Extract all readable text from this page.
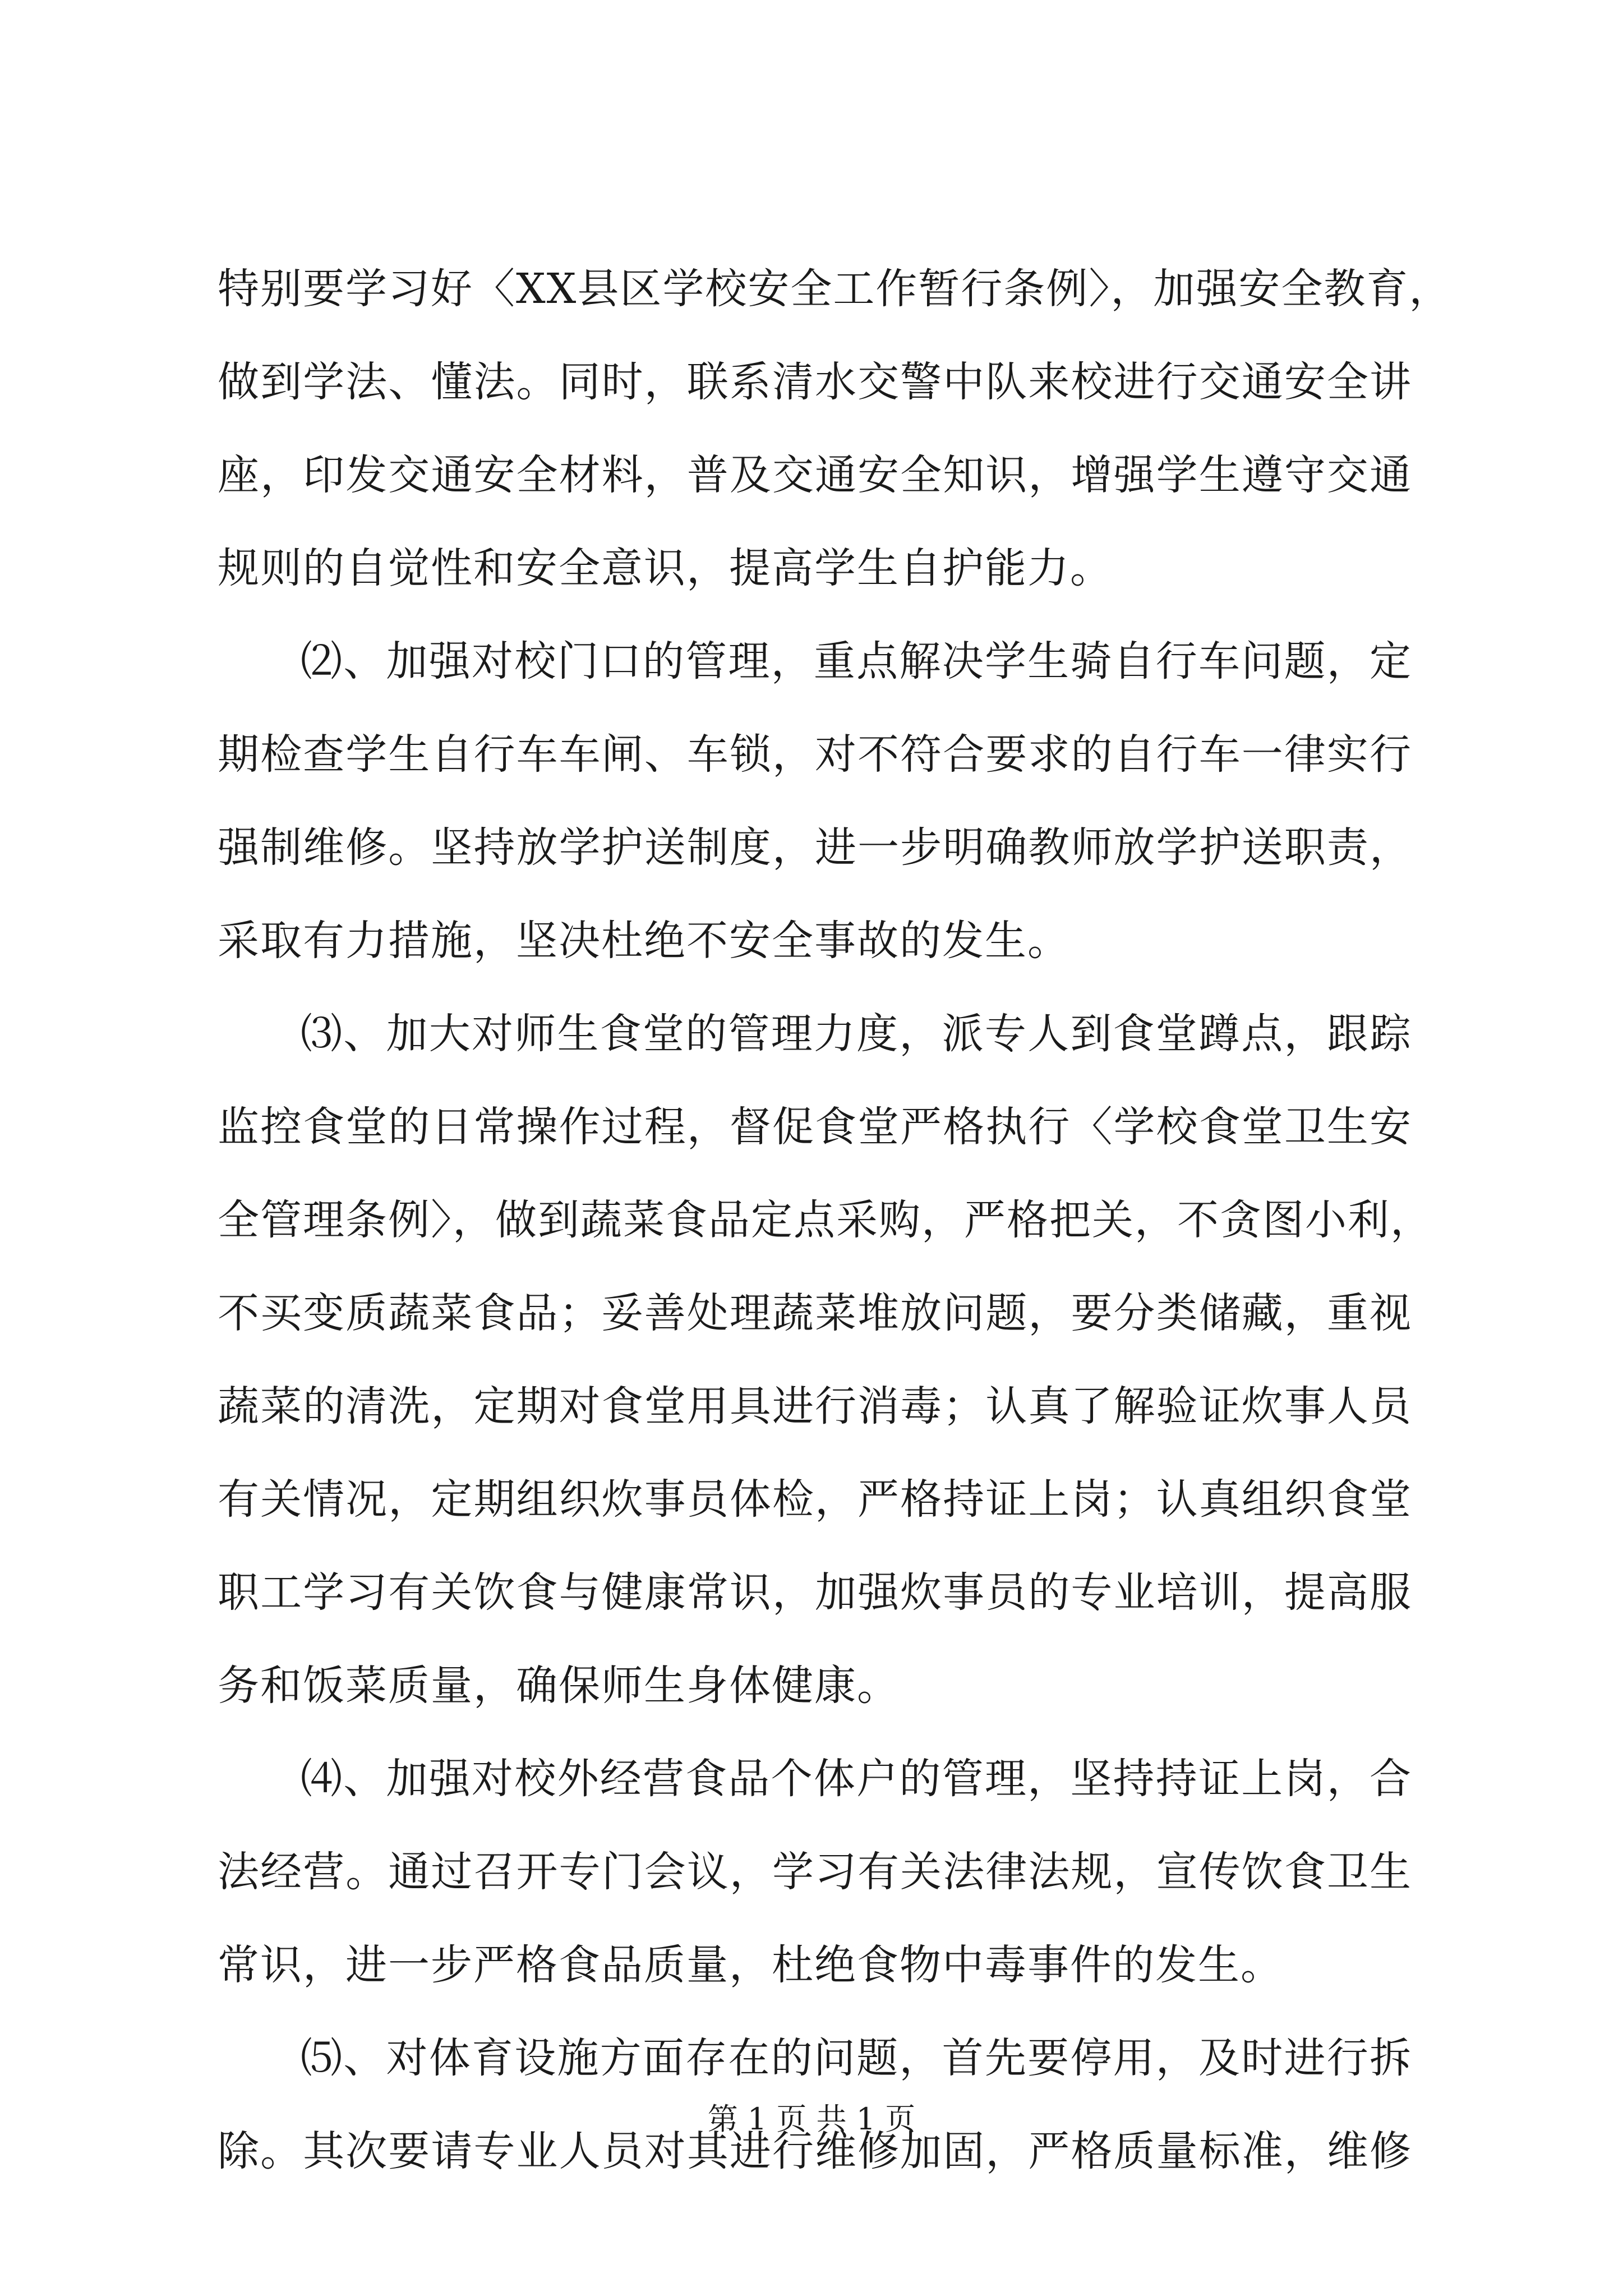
特别要学习好〈XX县区学校安全工作暂行条例〉，加强安全教育，
做到学法、懂法。同时，联系清水交警中队来校进行交通安全讲
座，印发交通安全材料，普及交通安全知识，增强学生遵守交通
规则的自觉性和安全意识，提高学生自护能力。
⑵、加强对校门口的管理，重点解决学生骑自行车问题，定
期检查学生自行车车闸、车锁，对不符合要求的自行车一律实行
强制维修。坚持放学护送制度，进一步明确教师放学护送职责，
采取有力措施，坚决杜绝不安全事故的发生。
⑶、加大对师生食堂的管理力度，派专人到食堂蹲点，跟踪
监控食堂的日常操作过程，督促食堂严格执行〈学校食堂卫生安
全管理条例〉，做到蔬菜食品定点采购，严格把关，不贪图小利，
不买变质蔬菜食品；妥善处理蔬菜堆放问题，要分类储藏，重视
蔬菜的清洗，定期对食堂用具进行消毒；认真了解验证炊事人员
有关情况，定期组织炊事员体检，严格持证上岗；认真组织食堂
职工学习有关饮食与健康常识，加强炊事员的专业培训，提高服
务和饭菜质量，确保师生身体健康。
⑷、加强对校外经营食品个体户的管理，坚持持证上岗，合
法经营。通过召开专门会议，学习有关法律法规，宣传饮食卫生
常识，进一步严格食品质量，杜绝食物中毒事件的发生。
⑸、对体育设施方面存在的问题，首先要停用，及时进行拆
除。其次要请专业人员对其进行维修加固，严格质量标准，维修
第 1 页 共 1 页
